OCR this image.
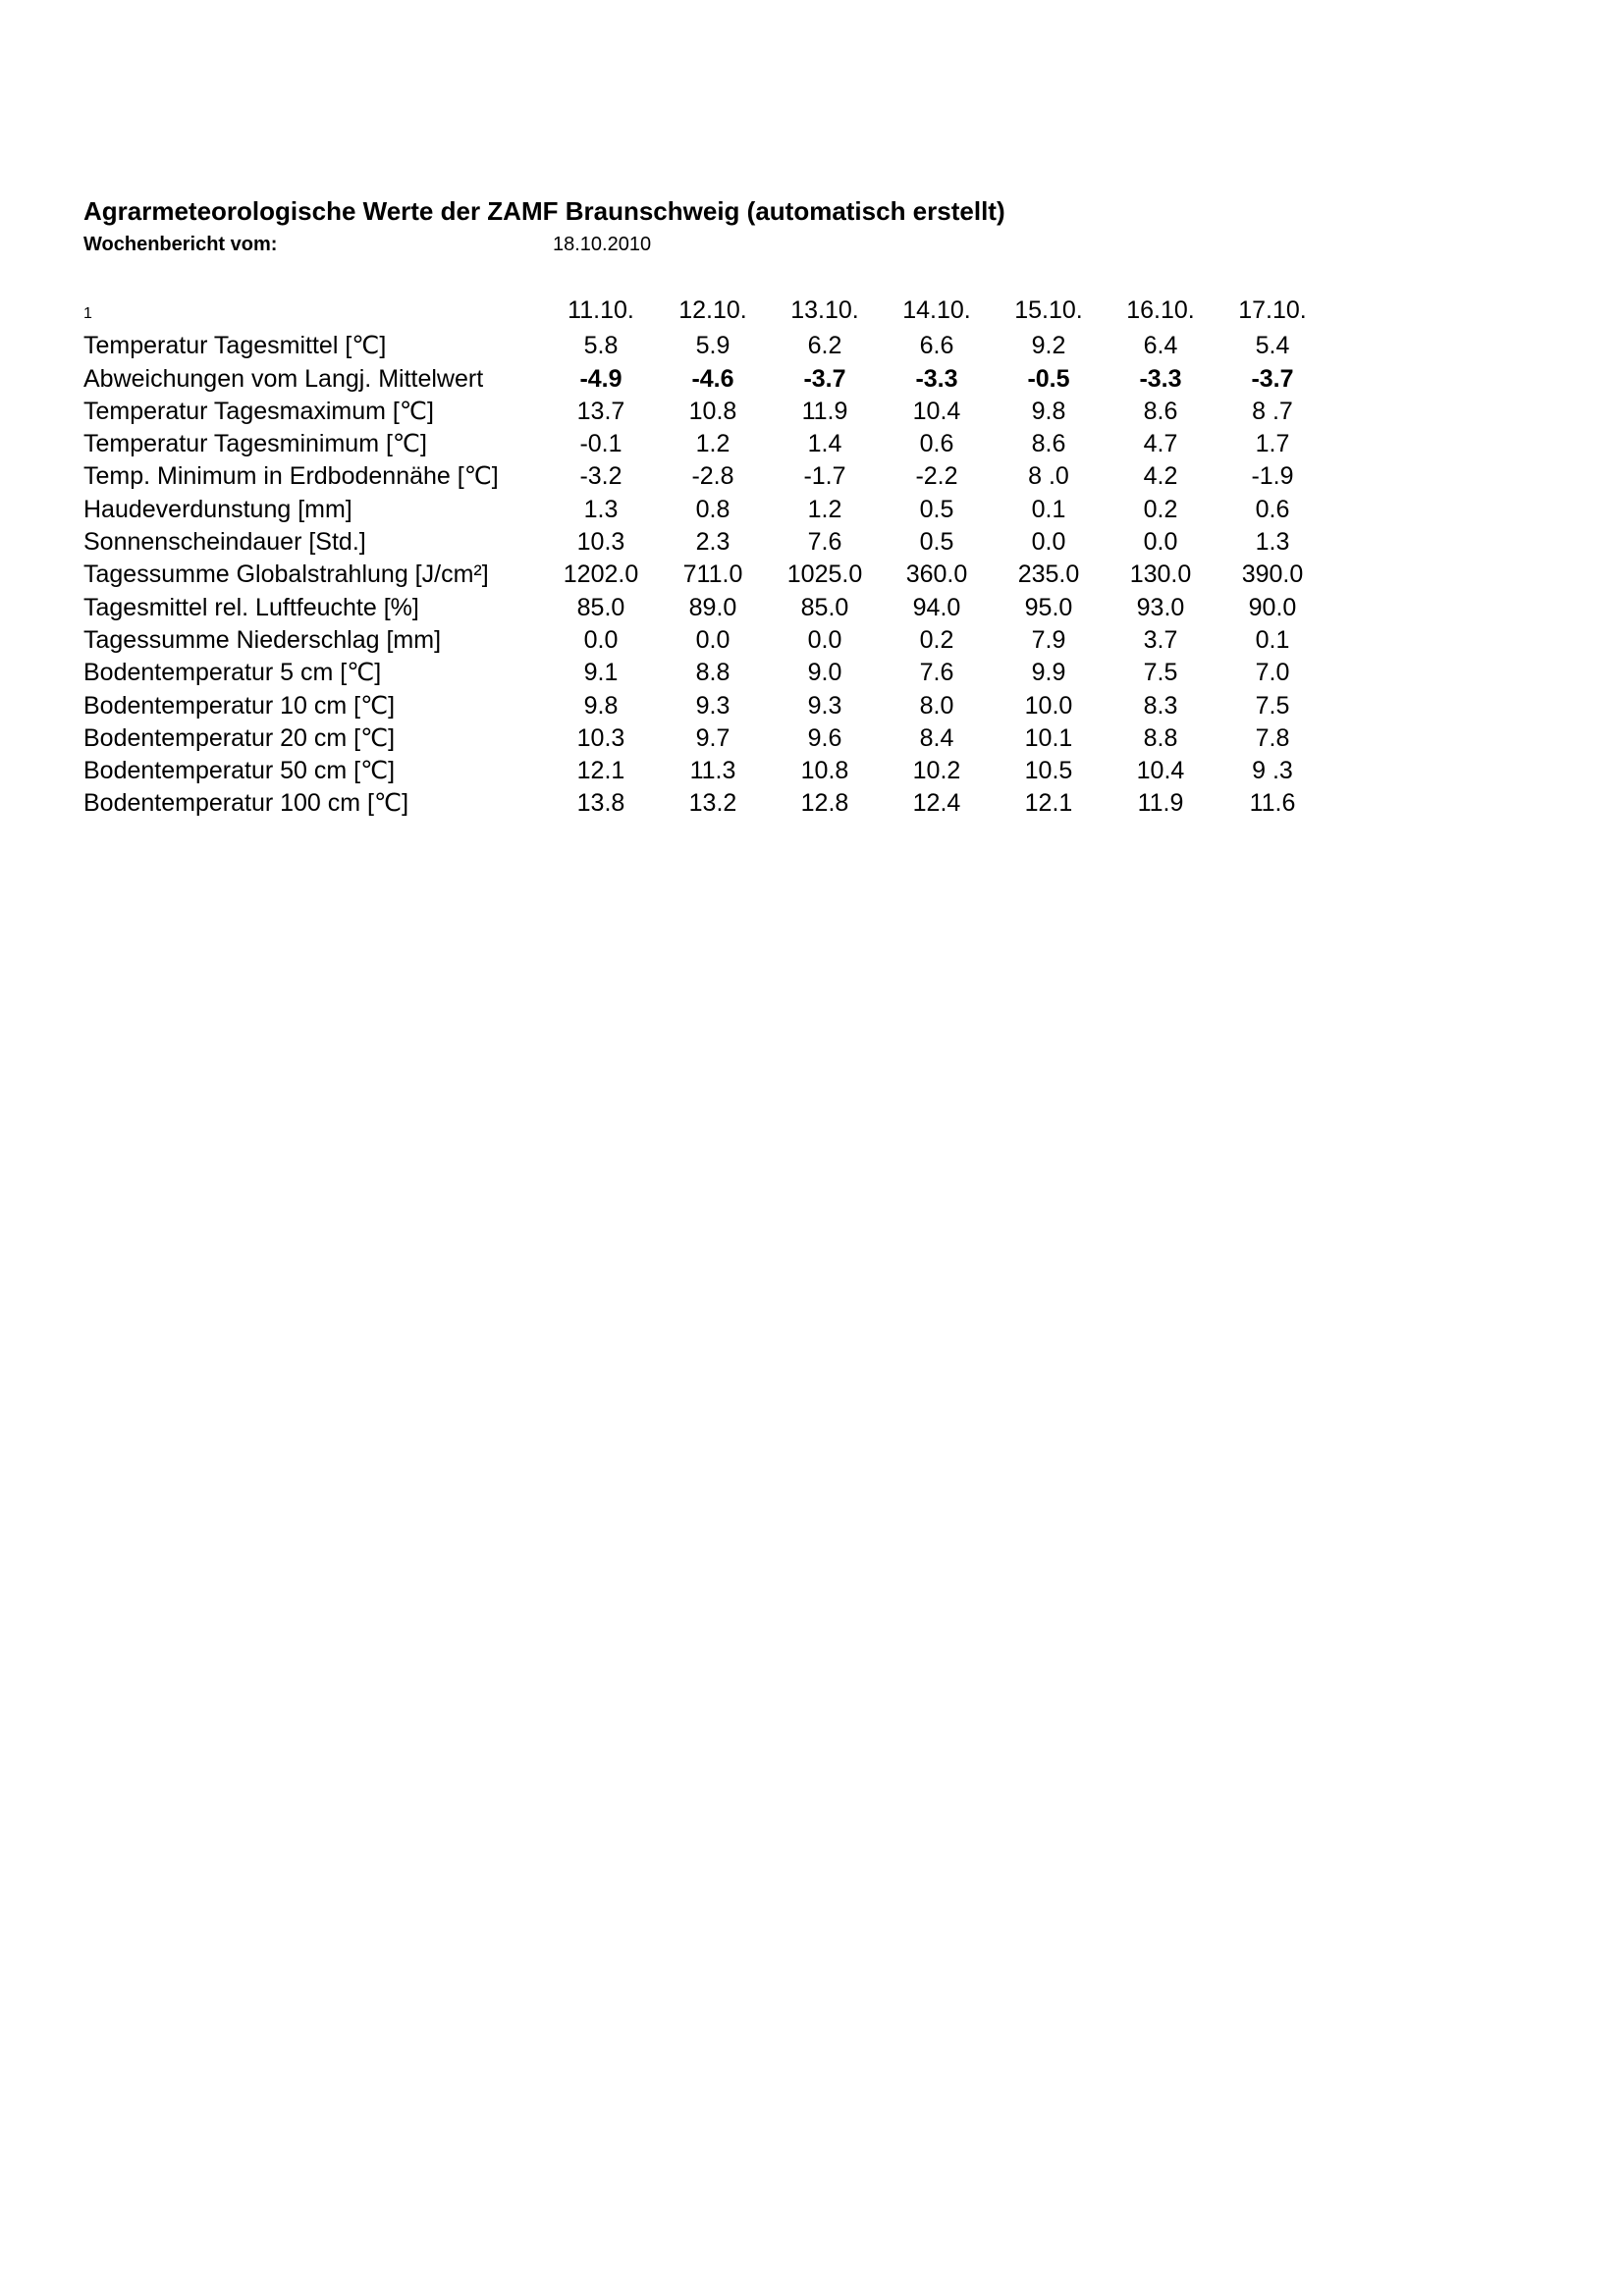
Agrarmeteorologische Werte der ZAMF Braunschweig (automatisch erstellt)
Wochenbericht vom:	18.10.2010
1	11.10.	12.10.	13.10.	14.10.	15.10.	16.10.	17.10.
Temperatur Tagesmittel [℃]	5.8	5.9	6.2	6.6	9.2	6.4	5.4
Abweichungen vom Langj. Mittelwert	-4.9	-4.6	-3.7	-3.3	-0.5	-3.3	-3.7
Temperatur Tagesmaximum [℃]	13.7	10.8	11.9	10.4	9.8	8.6	8 .7
Temperatur Tagesminimum [℃]	-0.1	1.2	1.4	0.6	8.6	4.7	1.7
Temp. Minimum in Erdbodennähe [℃]	-3.2	-2.8	-1.7	-2.2	8 .0	4.2	-1.9
Haudeverdunstung [mm]	1.3	0.8	1.2	0.5	0.1	0.2	0.6
Sonnenscheindauer [Std.]	10.3	2.3	7.6	0.5	0.0	0.0	1.3
Tagessumme Globalstrahlung [J/cm²]	1202.0	711.0	1025.0	360.0	235.0	130.0	390.0
Tagesmittel rel. Luftfeuchte [%]	85.0	89.0	85.0	94.0	95.0	93.0	90.0
Tagessumme Niederschlag [mm]	0.0	0.0	0.0	0.2	7.9	3.7	0.1
Bodentemperatur 5 cm [℃]	9.1	8.8	9.0	7.6	9.9	7.5	7.0
Bodentemperatur 10 cm [℃]	9.8	9.3	9.3	8.0	10.0	8.3	7.5
Bodentemperatur 20 cm [℃]	10.3	9.7	9.6	8.4	10.1	8.8	7.8
Bodentemperatur 50 cm [℃]	12.1	11.3	10.8	10.2	10.5	10.4	9 .3
Bodentemperatur 100 cm [℃]	13.8	13.2	12.8	12.4	12.1	11.9	11.6
